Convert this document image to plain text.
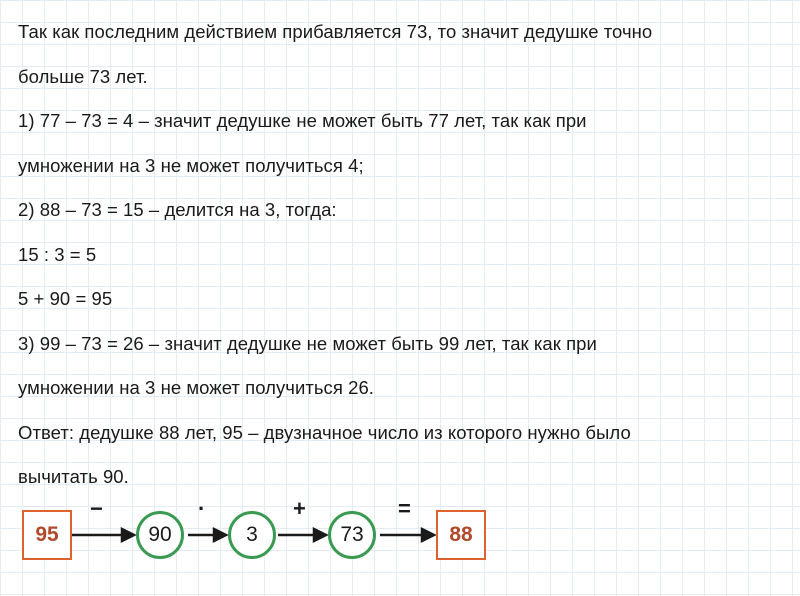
Так как последним действием прибавляется 73, то значит дедушке точно
больше 73 лет.
1) 77 – 73 = 4 – значит дедушке не может быть 77 лет, так как при
умножении на 3 не может получиться 4;
2) 88 – 73 = 15 – делится на 3, тогда:
15 : 3 = 5
5 + 90 = 95
3) 99 – 73 = 26 – значит дедушке не может быть 99 лет, так как при
умножении на 3 не может получиться 26.
Ответ: дедушке 88 лет, 95 – двузначное число из которого нужно было
вычитать 90.
95
−
90
·
3
+
73
=
88
